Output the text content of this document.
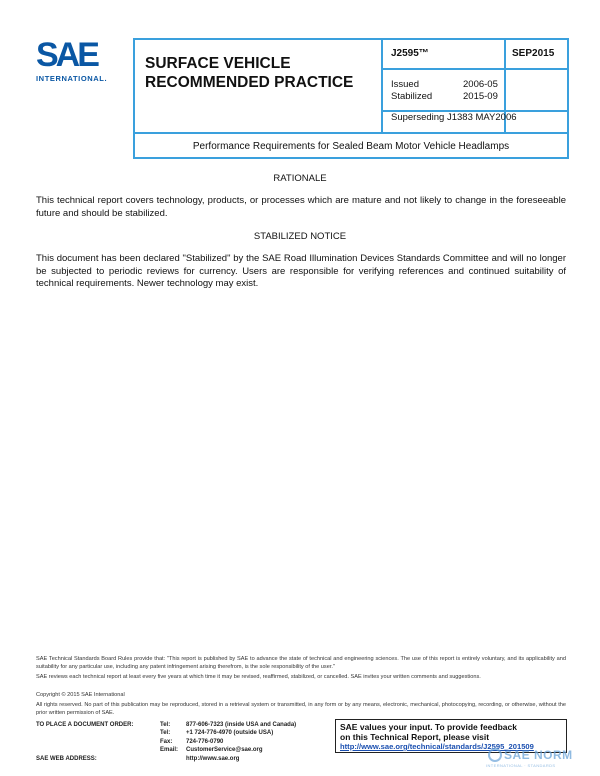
SAE
INTERNATIONAL.
SURFACE VEHICLE
RECOMMENDED PRACTICE
J2595™	SEP2015
Issued	2006-05
Stabilized	2015-09
Superseding J1383 MAY2006
Performance Requirements for Sealed Beam Motor Vehicle Headlamps
RATIONALE
This technical report covers technology, products, or processes which are mature and not likely to change in the foreseeable future and should be stabilized.
STABILIZED NOTICE
This document has been declared "Stabilized" by the SAE Road Illumination Devices Standards Committee and will no longer be subjected to periodic reviews for currency. Users are responsible for verifying references and continued suitability of technical requirements. Newer technology may exist.
SAE Technical Standards Board Rules provide that: "This report is published by SAE to advance the state of technical and engineering sciences. The use of this report is entirely voluntary, and its applicability and suitability for any particular use, including any patent infringement arising therefrom, is the sole responsibility of the user."
SAE reviews each technical report at least every five years at which time it may be revised, reaffirmed, stabilized, or cancelled. SAE invites your written comments and suggestions.
Copyright © 2015 SAE International
All rights reserved. No part of this publication may be reproduced, stored in a retrieval system or transmitted, in any form or by any means, electronic, mechanical, photocopying, recording, or otherwise, without the prior written permission of SAE.
TO PLACE A DOCUMENT ORDER:	Tel:	877-606-7323 (inside USA and Canada)
Tel:	+1 724-776-4970 (outside USA)
Fax: 724-776-0790
Email: CustomerService@sae.org
SAE WEB ADDRESS:	http://www.sae.org
SAE values your input. To provide feedback
on this Technical Report, please visit
http://www.sae.org/technical/standards/J2595_201509
SAE NORM
INTERNATIONAL · STANDARDS
